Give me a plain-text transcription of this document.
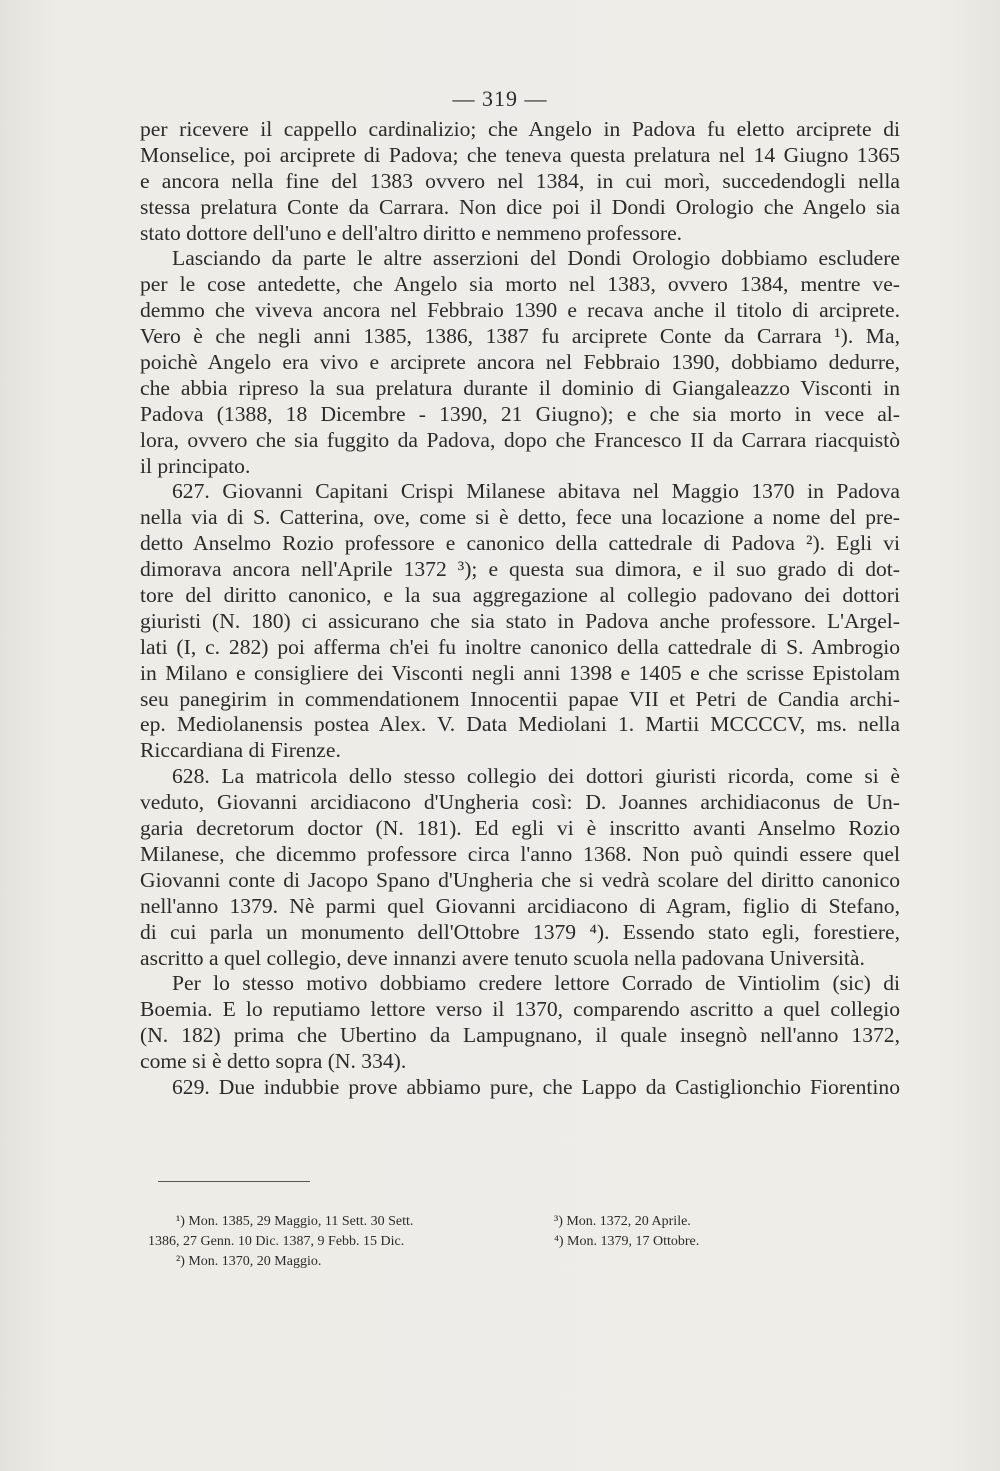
— 319 —
per ricevere il cappello cardinalizio; che Angelo in Padova fu eletto arciprete di
Monselice, poi arciprete di Padova; che teneva questa prelatura nel 14 Giugno 1365
e ancora nella fine del 1383 ovvero nel 1384, in cui morì, succedendogli nella
stessa prelatura Conte da Carrara. Non dice poi il Dondi Orologio che Angelo sia
stato dottore dell'uno e dell'altro diritto e nemmeno professore.
Lasciando da parte le altre asserzioni del Dondi Orologio dobbiamo escludere
per le cose antedette, che Angelo sia morto nel 1383, ovvero 1384, mentre ve-
demmo che viveva ancora nel Febbraio 1390 e recava anche il titolo di arciprete.
Vero è che negli anni 1385, 1386, 1387 fu arciprete Conte da Carrara ¹). Ma,
poichè Angelo era vivo e arciprete ancora nel Febbraio 1390, dobbiamo dedurre,
che abbia ripreso la sua prelatura durante il dominio di Giangaleazzo Visconti in
Padova (1388, 18 Dicembre - 1390, 21 Giugno); e che sia morto in vece al-
lora, ovvero che sia fuggito da Padova, dopo che Francesco II da Carrara riacquistò
il principato.
627. Giovanni Capitani Crispi Milanese abitava nel Maggio 1370 in Padova
nella via di S. Catterina, ove, come si è detto, fece una locazione a nome del pre-
detto Anselmo Rozio professore e canonico della cattedrale di Padova ²). Egli vi
dimorava ancora nell'Aprile 1372 ³); e questa sua dimora, e il suo grado di dot-
tore del diritto canonico, e la sua aggregazione al collegio padovano dei dottori
giuristi (N. 180) ci assicurano che sia stato in Padova anche professore. L'Argel-
lati (I, c. 282) poi afferma ch'ei fu inoltre canonico della cattedrale di S. Ambrogio
in Milano e consigliere dei Visconti negli anni 1398 e 1405 e che scrisse Epistolam
seu panegirim in commendationem Innocentii papae VII et Petri de Candia archi-
ep. Mediolanensis postea Alex. V. Data Mediolani 1. Martii MCCCCV, ms. nella
Riccardiana di Firenze.
628. La matricola dello stesso collegio dei dottori giuristi ricorda, come si è
veduto, Giovanni arcidiacono d'Ungheria così: D. Joannes archidiaconus de Un-
garia decretorum doctor (N. 181). Ed egli vi è inscritto avanti Anselmo Rozio
Milanese, che dicemmo professore circa l'anno 1368. Non può quindi essere quel
Giovanni conte di Jacopo Spano d'Ungheria che si vedrà scolare del diritto canonico
nell'anno 1379. Nè parmi quel Giovanni arcidiacono di Agram, figlio di Stefano,
di cui parla un monumento dell'Ottobre 1379 ⁴). Essendo stato egli, forestiere,
ascritto a quel collegio, deve innanzi avere tenuto scuola nella padovana Università.
Per lo stesso motivo dobbiamo credere lettore Corrado de Vintiolim (sic) di
Boemia. E lo reputiamo lettore verso il 1370, comparendo ascritto a quel collegio
(N. 182) prima che Ubertino da Lampugnano, il quale insegnò nell'anno 1372,
come si è detto sopra (N. 334).
629. Due indubbie prove abbiamo pure, che Lappo da Castiglionchio Fiorentino
¹) Mon. 1385, 29 Maggio, 11 Sett. 30 Sett.
1386, 27 Genn. 10 Dic. 1387, 9 Febb. 15 Dic.
²) Mon. 1370, 20 Maggio.
³) Mon. 1372, 20 Aprile.
⁴) Mon. 1379, 17 Ottobre.
